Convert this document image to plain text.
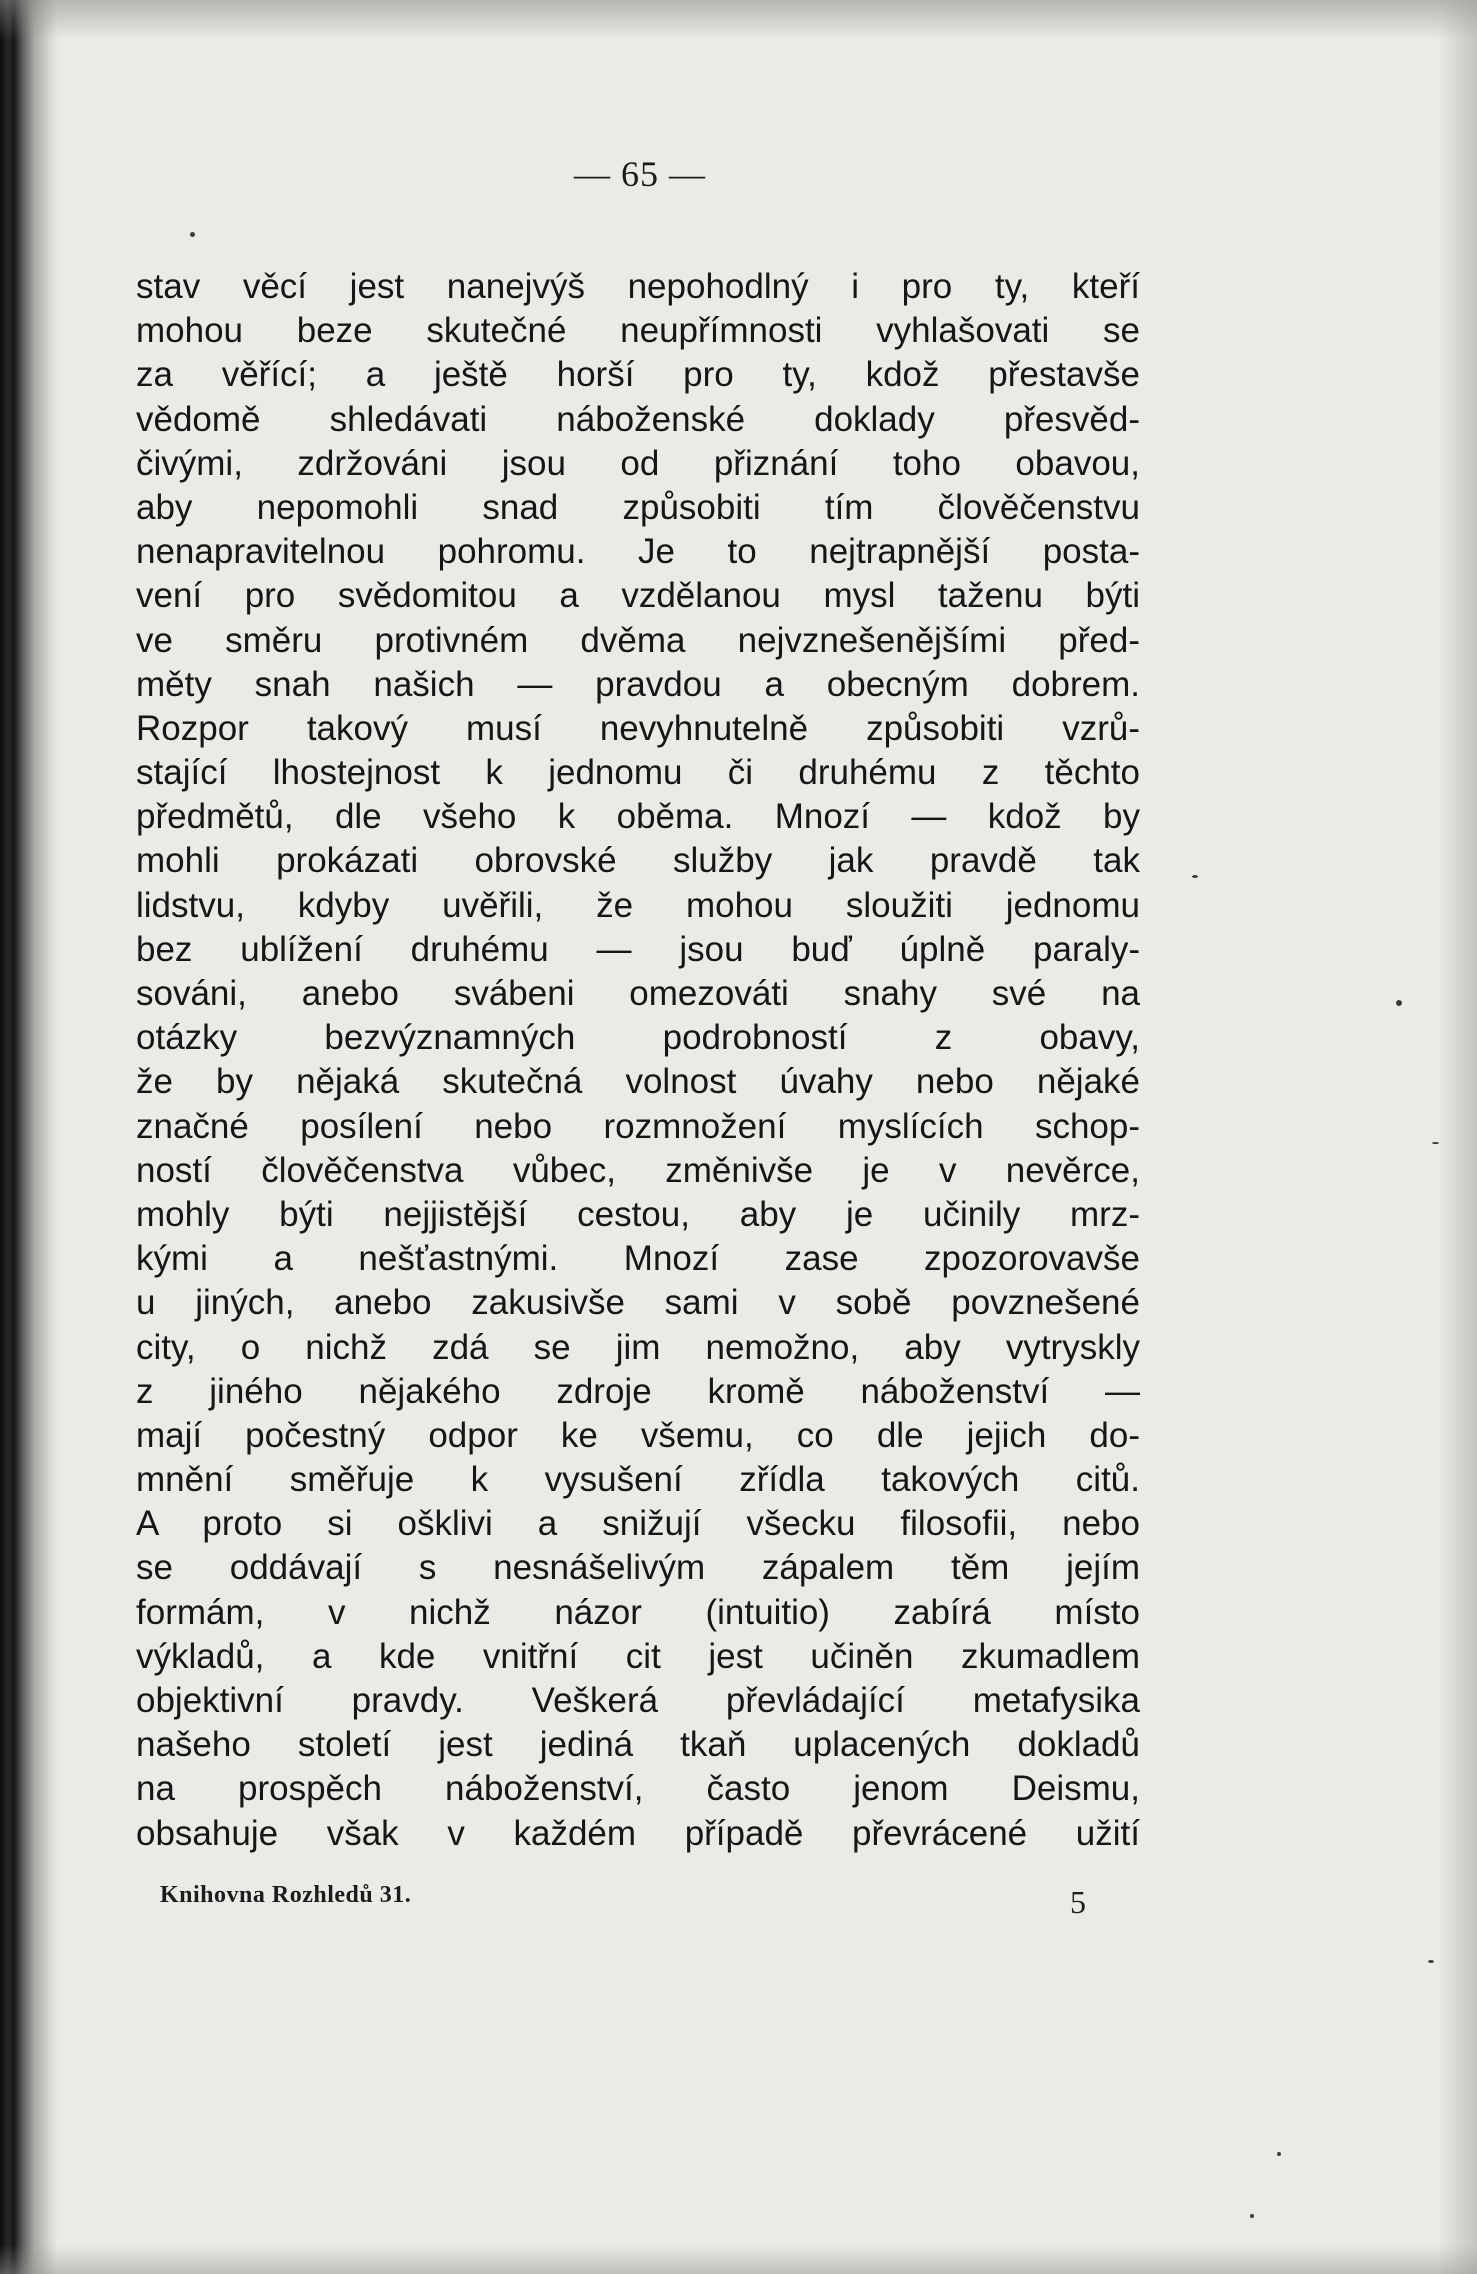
— 65 —
stav věcí jest nanejvýš nepohodlný i pro ty, kteří
mohou beze skutečné neupřímnosti vyhlašovati se
za věřící; a ještě horší pro ty, kdož přestavše
vědomě shledávati náboženské doklady přesvěd-
čivými, zdržováni jsou od přiznání toho obavou,
aby nepomohli snad způsobiti tím člověčenstvu
nenapravitelnou pohromu. Je to nejtrapnější posta-
vení pro svědomitou a vzdělanou mysl taženu býti
ve směru protivném dvěma nejvznešenějšími před-
měty snah našich — pravdou a obecným dobrem.
Rozpor takový musí nevyhnutelně způsobiti vzrů-
stající lhostejnost k jednomu či druhému z těchto
předmětů, dle všeho k oběma. Mnozí — kdož by
mohli prokázati obrovské služby jak pravdě tak
lidstvu, kdyby uvěřili, že mohou sloužiti jednomu
bez ublížení druhému — jsou buď úplně paraly-
sováni, anebo svábeni omezováti snahy své na
otázky bezvýznamných podrobností z obavy,
že by nějaká skutečná volnost úvahy nebo nějaké
značné posílení nebo rozmnožení myslících schop-
ností člověčenstva vůbec, změnivše je v nevěrce,
mohly býti nejjistější cestou, aby je učinily mrz-
kými a nešťastnými. Mnozí zase zpozorovavše
u jiných, anebo zakusivše sami v sobě povznešené
city, o nichž zdá se jim nemožno, aby vytryskly
z jiného nějakého zdroje kromě náboženství —
mají počestný odpor ke všemu, co dle jejich do-
mnění směřuje k vysušení zřídla takových citů.
A proto si ošklivi a snižují všecku filosofii, nebo
se oddávají s nesnášelivým zápalem těm jejím
formám, v nichž názor (intuitio) zabírá místo
výkladů, a kde vnitřní cit jest učiněn zkumadlem
objektivní pravdy. Veškerá převládající metafysika
našeho století jest jediná tkaň uplacených dokladů
na prospěch náboženství, často jenom Deismu,
obsahuje však v každém případě převrácené užití
Knihovna Rozhledů 31.	5
